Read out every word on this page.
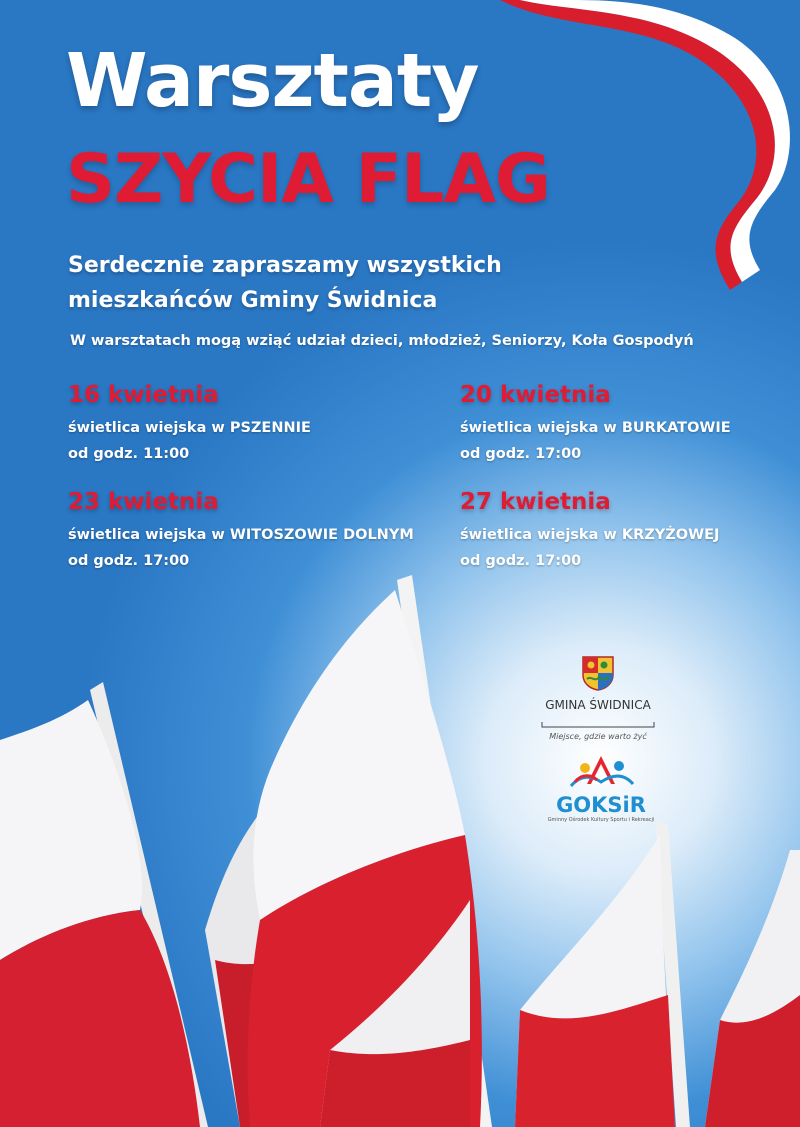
Warsztaty
SZYCIA FLAG
Serdecznie zapraszamy wszystkich
mieszkańców Gminy Świdnica
W warsztatach mogą wziąć udział dzieci, młodzież, Seniorzy, Koła Gospodyń
16 kwietnia
świetlica wiejska w PSZENNIE
od godz. 11:00
20 kwietnia
świetlica wiejska w BURKATOWIE
od godz. 17:00
23 kwietnia
świetlica wiejska w WITOSZOWIE DOLNYM
od godz. 17:00
27 kwietnia
świetlica wiejska w KRZYŻOWEJ
od godz. 17:00
GMINA ŚWIDNICA
Miejsce, gdzie warto żyć
GOKSiR
Gminny Ośrodek Kultury Sportu i Rekreacji
